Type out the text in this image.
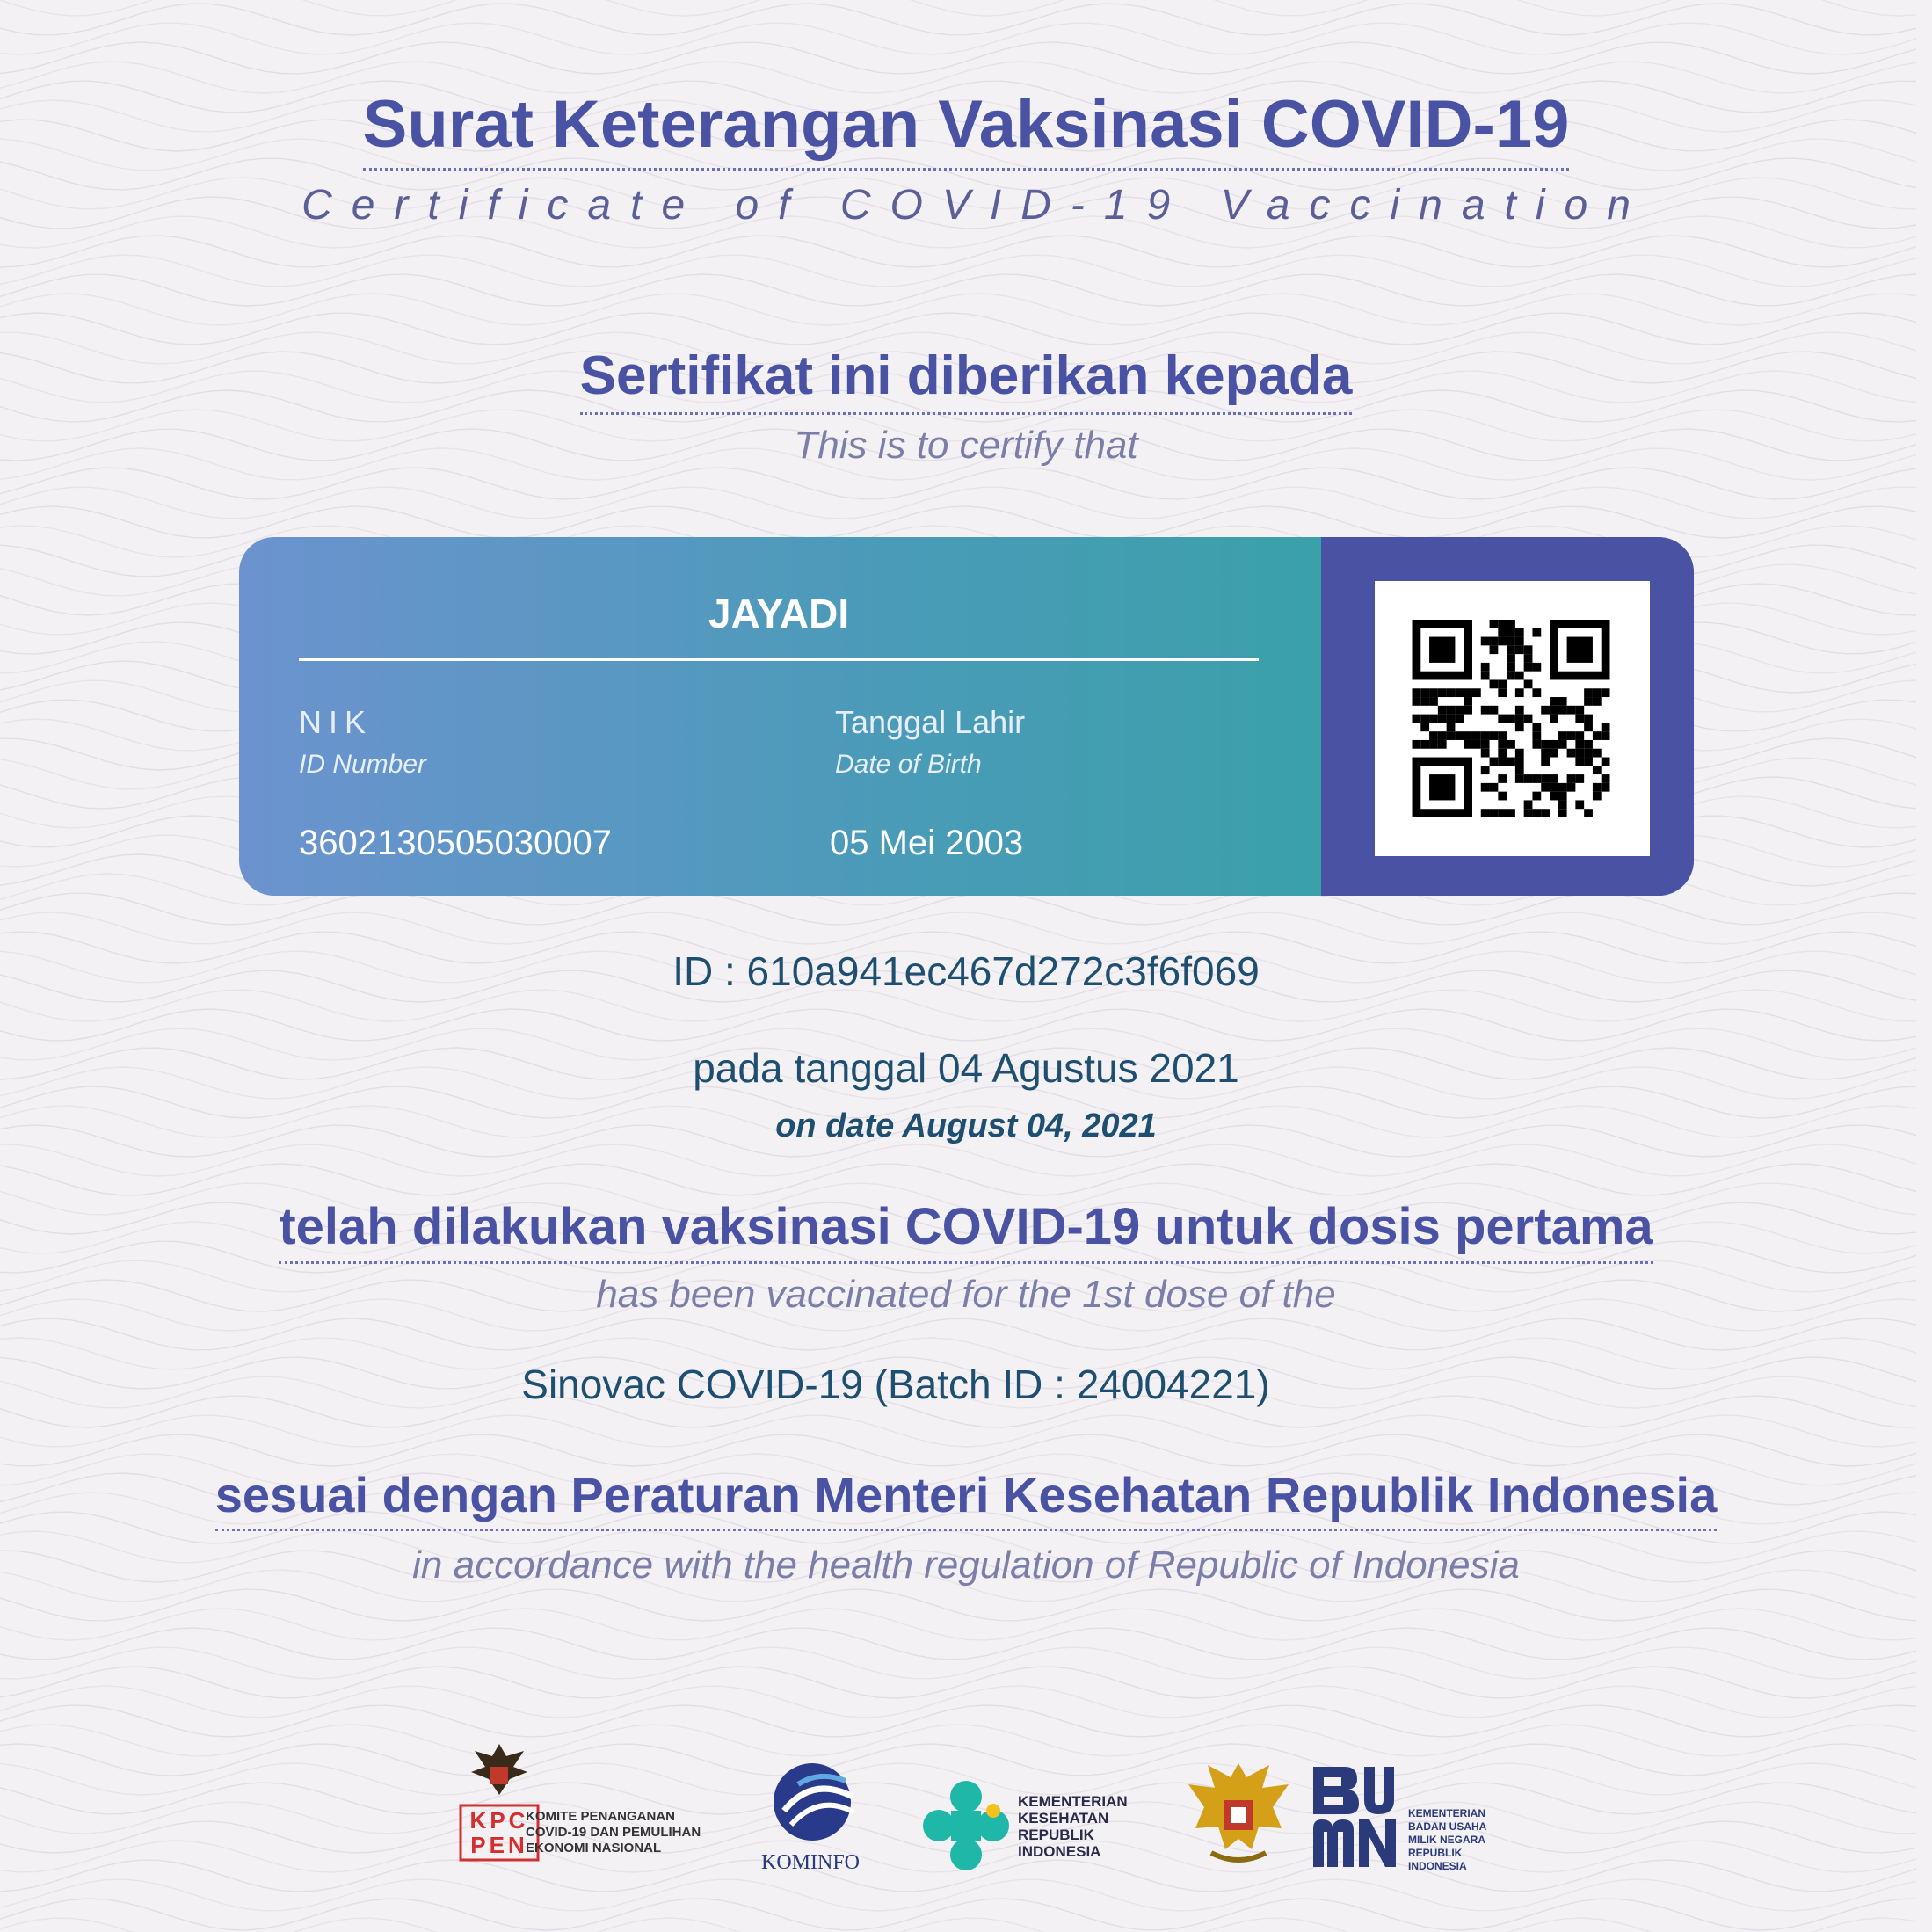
Surat Keterangan Vaksinasi COVID-19
Certificate of COVID-19 Vaccination
Sertifikat ini diberikan kepada
This is to certify that
JAYADI
NIK
ID Number
3602130505030007
Tanggal Lahir
Date of Birth
05 Mei 2003
ID : 610a941ec467d272c3f6f069
pada tanggal 04 Agustus 2021
on date August 04, 2021
telah dilakukan vaksinasi COVID-19 untuk dosis pertama
has been vaccinated for the 1st dose of the
Sinovac COVID-19 (Batch ID : 24004221)
sesuai dengan Peraturan Menteri Kesehatan Republik Indonesia
in accordance with the health regulation of Republic of Indonesia
KPC
PEN
KOMITE PENANGANAN
COVID-19 DAN PEMULIHAN
EKONOMI NASIONAL
KOMINFO
KEMENTERIAN
KESEHATAN
REPUBLIK
INDONESIA
KEMENTERIAN
BADAN USAHA
MILIK NEGARA
REPUBLIK
INDONESIA
